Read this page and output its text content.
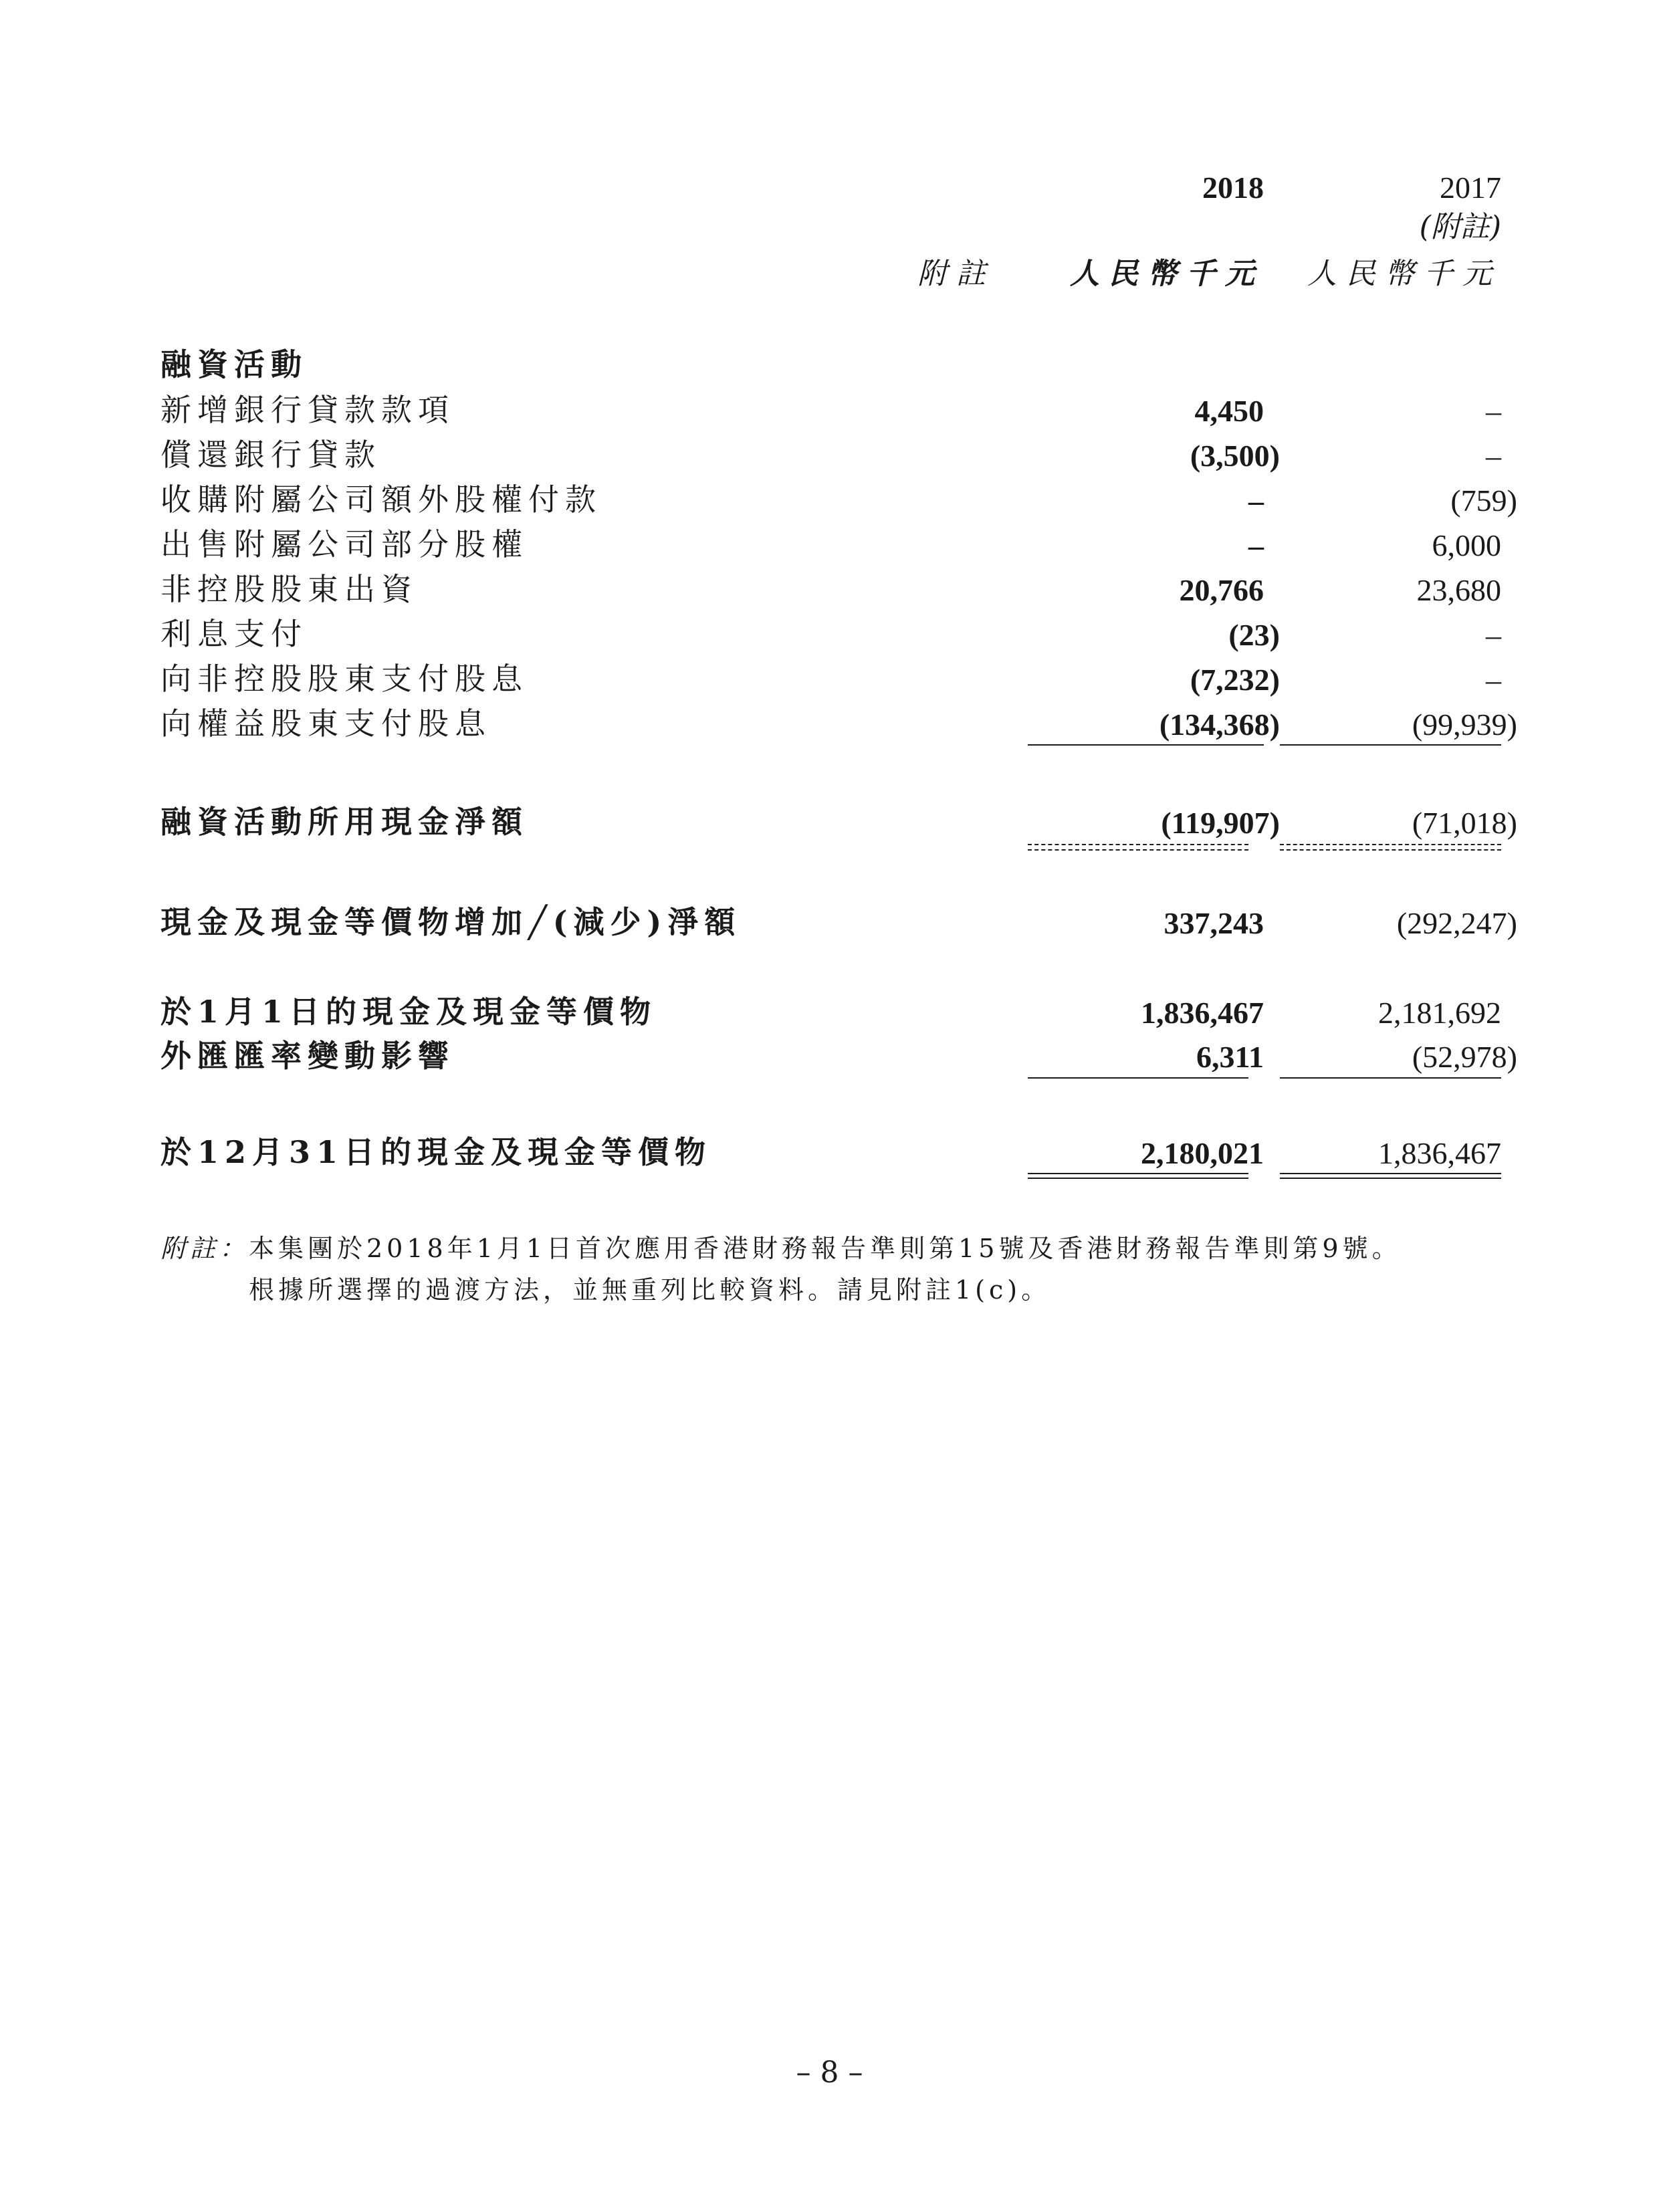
2018	2017
(附註)
附註	人民幣千元 人民幣千元
融資活動
新增銀行貸款款項	4,450	–
償還銀行貸款	(3,500)	–
收購附屬公司額外股權付款	–	(759)
出售附屬公司部分股權	–	6,000
非控股股東出資	20,766	23,680
利息支付	(23)	–
向非控股股東支付股息	(7,232)	–
向權益股東支付股息	(134,368)	(99,939)
融資活動所用現金淨額	(119,907)	(71,018)
現金及現金等價物增加╱(減少)淨額	337,243	(292,247)
於1月1日的現金及現金等價物	1,836,467	2,181,692
外匯匯率變動影響	6,311	(52,978)
於12月31日的現金及現金等價物	2,180,021	1,836,467
附註： 本集團於2018年1月1日首次應用香港財務報告準則第15號及香港財務報告準則第9號。
根據所選擇的過渡方法，並無重列比較資料。請見附註1(c)。
– 8 –
